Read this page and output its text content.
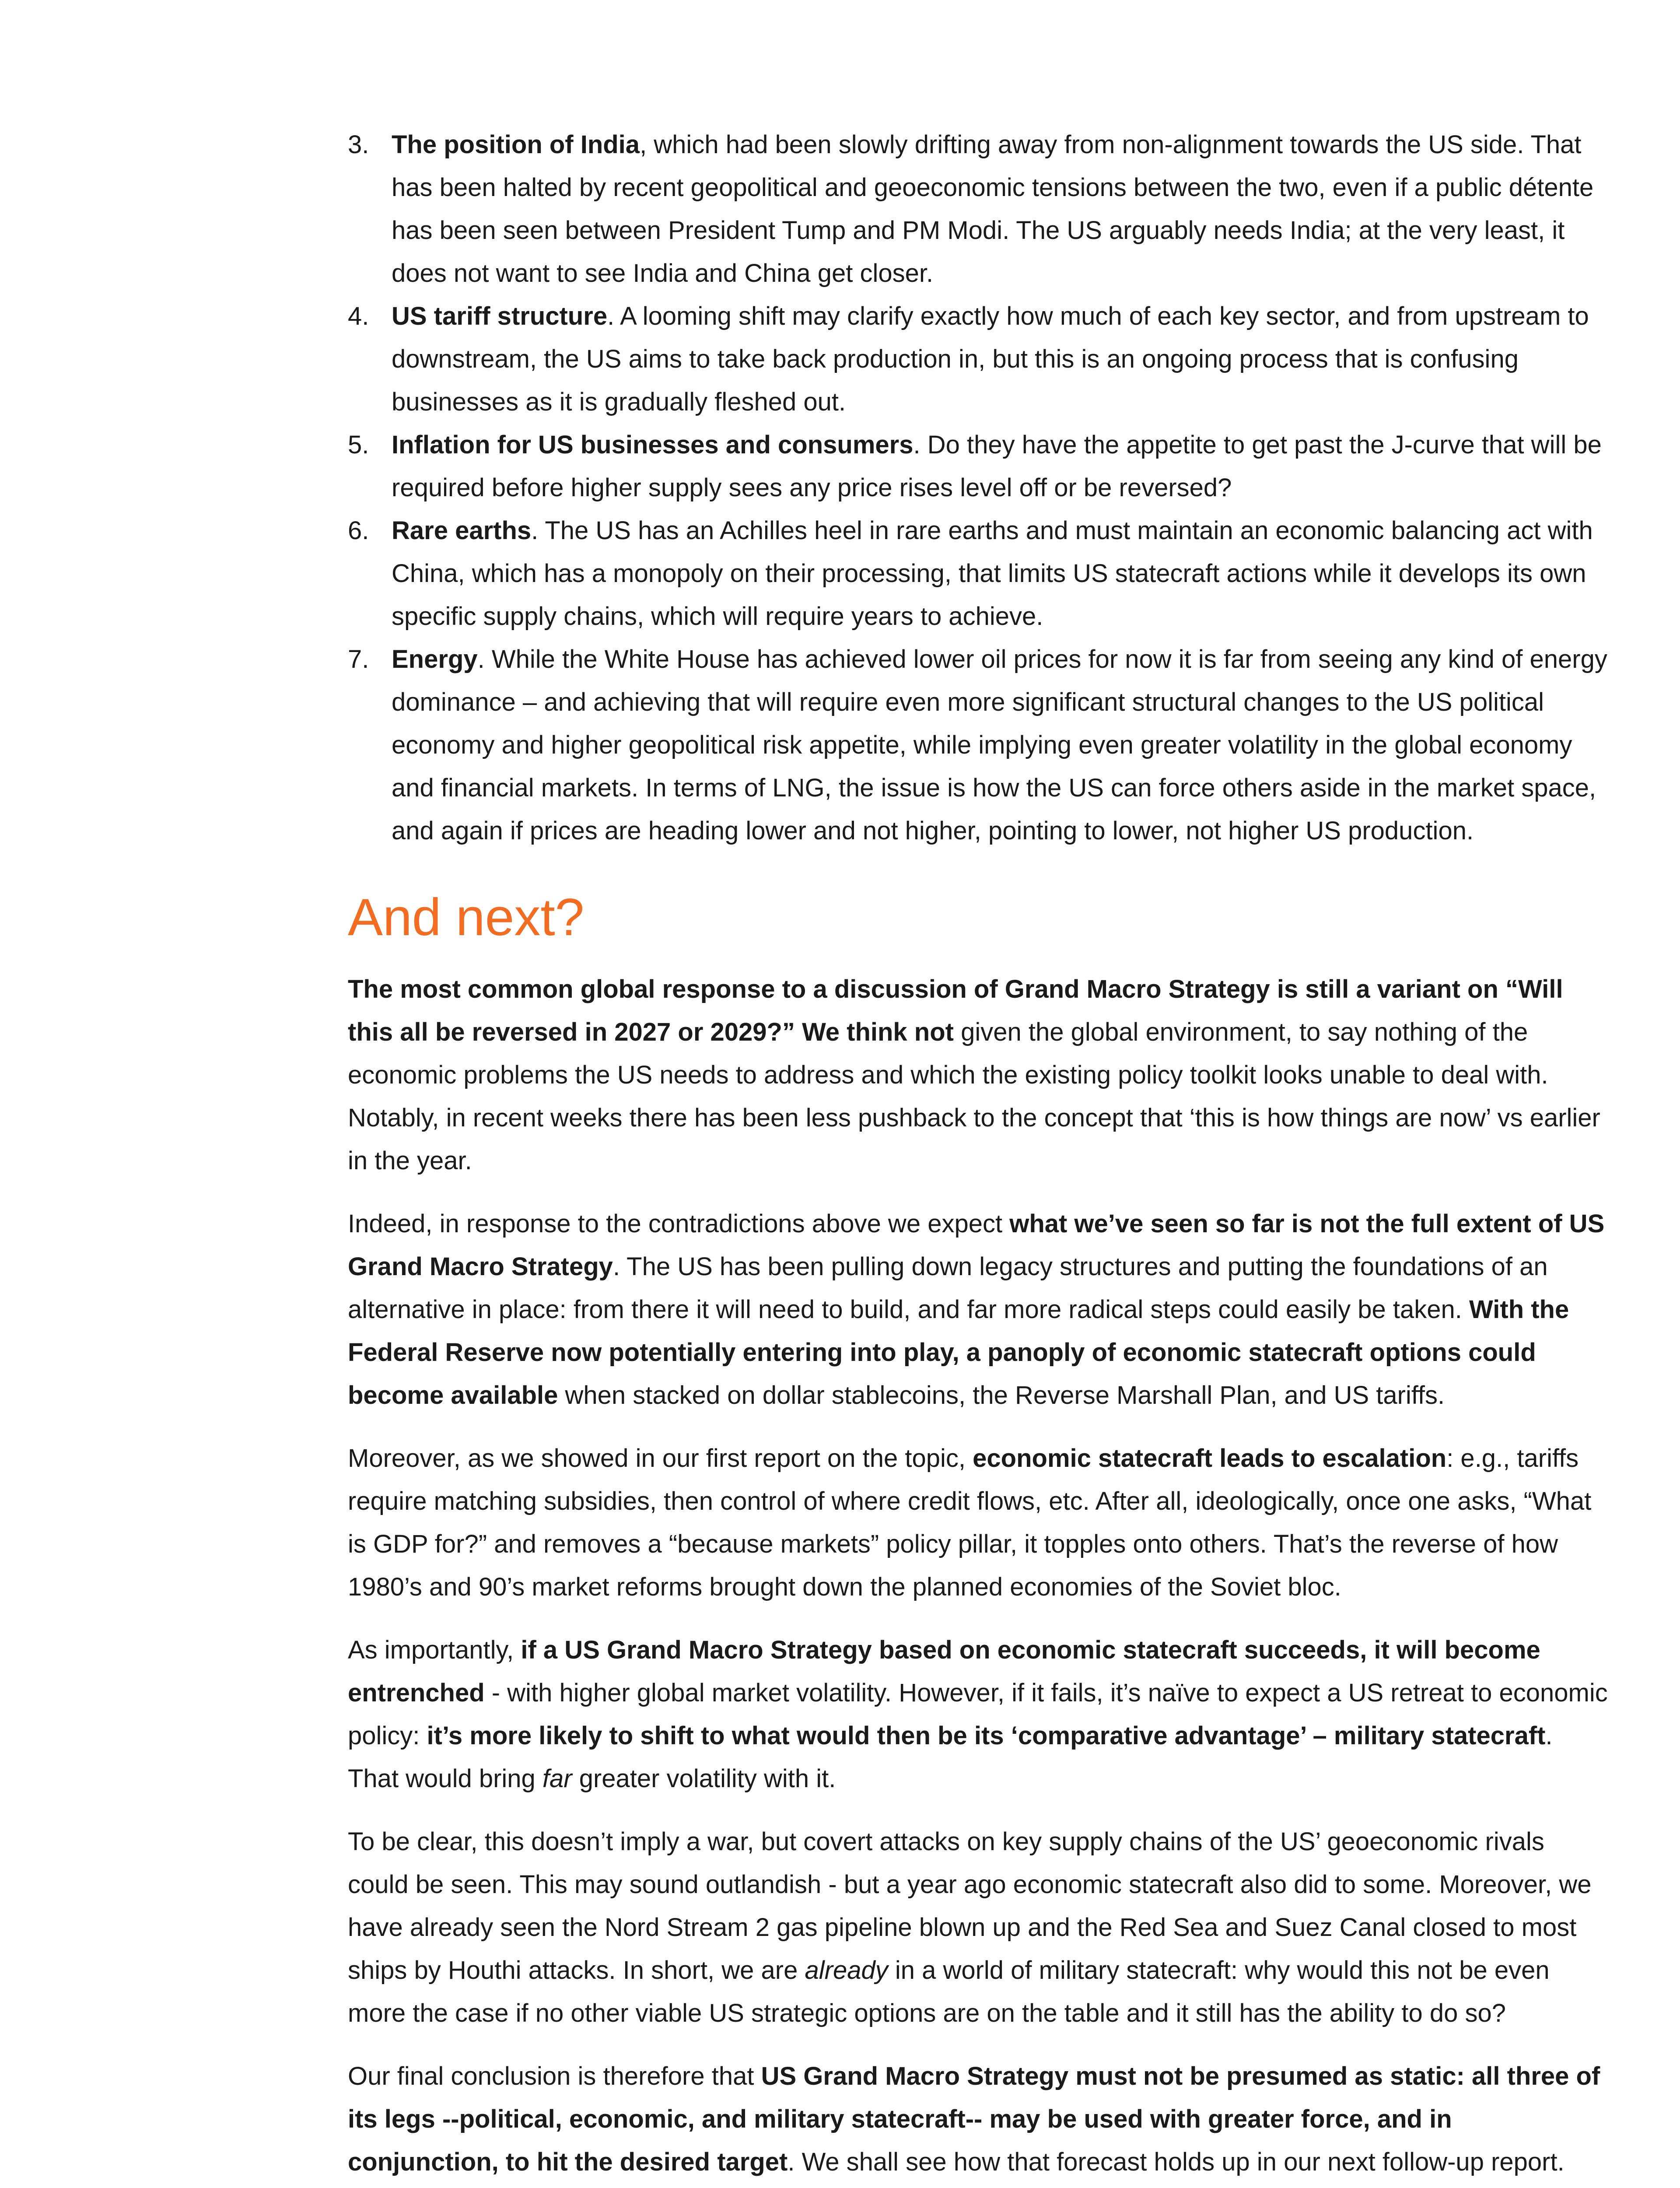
3. The position of India, which had been slowly drifting away from non-alignment towards the US side. That has been halted by recent geopolitical and geoeconomic tensions between the two, even if a public détente has been seen between President Tump and PM Modi. The US arguably needs India; at the very least, it does not want to see India and China get closer.
4. US tariff structure. A looming shift may clarify exactly how much of each key sector, and from upstream to downstream, the US aims to take back production in, but this is an ongoing process that is confusing businesses as it is gradually fleshed out.
5. Inflation for US businesses and consumers. Do they have the appetite to get past the J-curve that will be required before higher supply sees any price rises level off or be reversed?
6. Rare earths. The US has an Achilles heel in rare earths and must maintain an economic balancing act with China, which has a monopoly on their processing, that limits US statecraft actions while it develops its own specific supply chains, which will require years to achieve.
7. Energy. While the White House has achieved lower oil prices for now it is far from seeing any kind of energy dominance – and achieving that will require even more significant structural changes to the US political economy and higher geopolitical risk appetite, while implying even greater volatility in the global economy and financial markets. In terms of LNG, the issue is how the US can force others aside in the market space, and again if prices are heading lower and not higher, pointing to lower, not higher US production.
And next?

The most common global response to a discussion of Grand Macro Strategy is still a variant on “Will this all be reversed in 2027 or 2029?” We think not given the global environment, to say nothing of the economic problems the US needs to address and which the existing policy toolkit looks unable to deal with. Notably, in recent weeks there has been less pushback to the concept that ‘this is how things are now’ vs earlier in the year.

Indeed, in response to the contradictions above we expect what we’ve seen so far is not the full extent of US Grand Macro Strategy. The US has been pulling down legacy structures and putting the foundations of an alternative in place: from there it will need to build, and far more radical steps could easily be taken. With the Federal Reserve now potentially entering into play, a panoply of economic statecraft options could become available when stacked on dollar stablecoins, the Reverse Marshall Plan, and US tariffs.

Moreover, as we showed in our first report on the topic, economic statecraft leads to escalation: e.g., tariffs require matching subsidies, then control of where credit flows, etc. After all, ideologically, once one asks, “What is GDP for?” and removes a “because markets” policy pillar, it topples onto others. That’s the reverse of how 1980’s and 90’s market reforms brought down the planned economies of the Soviet bloc.

As importantly, if a US Grand Macro Strategy based on economic statecraft succeeds, it will become entrenched - with higher global market volatility. However, if it fails, it’s naïve to expect a US retreat to economic policy: it’s more likely to shift to what would then be its ‘comparative advantage’ – military statecraft. That would bring far greater volatility with it.

To be clear, this doesn’t imply a war, but covert attacks on key supply chains of the US’ geoeconomic rivals could be seen. This may sound outlandish - but a year ago economic statecraft also did to some. Moreover, we have already seen the Nord Stream 2 gas pipeline blown up and the Red Sea and Suez Canal closed to most ships by Houthi attacks. In short, we are already in a world of military statecraft: why would this not be even more the case if no other viable US strategic options are on the table and it still has the ability to do so?

Our final conclusion is therefore that US Grand Macro Strategy must not be presumed as static: all three of its legs --political, economic, and military statecraft-- may be used with greater force, and in conjunction, to hit the desired target. We shall see how that forecast holds up in our next follow-up report.
